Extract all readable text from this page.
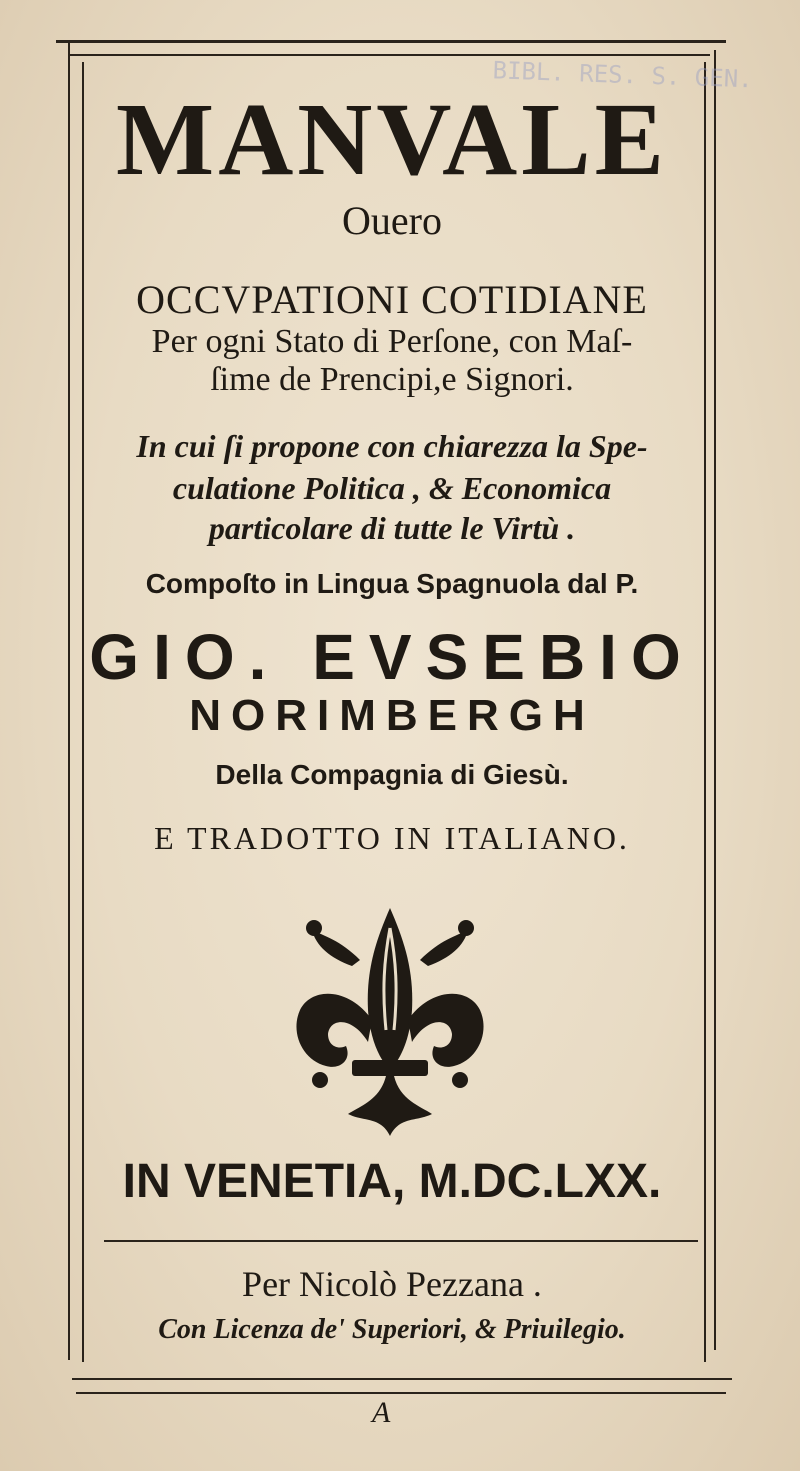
BIBL. RES. S. GEN.
MANVALE
Ouero
OCCVPATIONI COTIDIANE
Per ogni Stato di Perſone, con Maſ-
ſime de Prencipi,e Signori.
In cui ſi propone con chiarezza la Spe-
culatione Politica , & Economica
particolare di tutte le Virtù .
Compoſto in Lingua Spagnuola dal P.
GIO. EVSEBIO
NORIMBERGH
Della Compagnia di Giesù.
E TRADOTTO IN ITALIANO.
IN VENETIA, M.DC.LXX.
Per Nicolò Pezzana .
Con Licenza de' Superiori, & Priuilegio.
A
